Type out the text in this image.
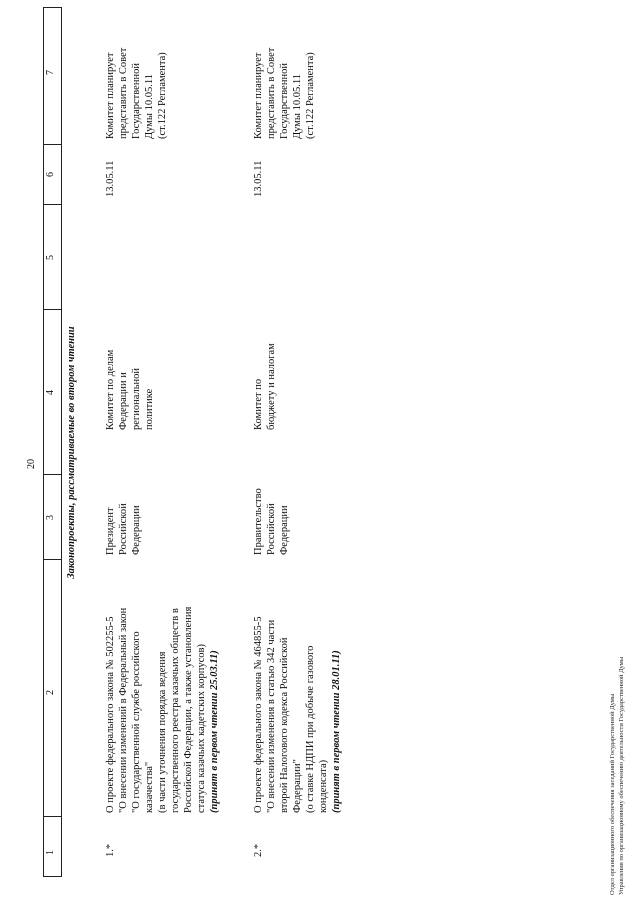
20
1
2
3
4
5
6
7
Законопроекты, рассматриваемые во втором чтении
1.*
О проекте федерального закона № 502255-5 "О внесении изменений в Федеральный закон "О государственной службе российского казачества" (в части уточнения порядка ведения государственного реестра казачьих обществ в Российской Федерации, а также установления статуса казачьих кадетских корпусов) (принят в первом чтении 25.03.11)
Президент Российской Федерации
Комитет по делам Федерации и региональной политике
13.05.11
Комитет планирует представить в Совет Государственной Думы 10.05.11 (ст.122 Регламента)
2.*
О проекте федерального закона № 464855-5 "О внесении изменения в статью 342 части второй Налогового кодекса Российской Федерации" (о ставке НДПИ при добыче газового конденсата) (принят в первом чтении 28.01.11)
Правительство Российской Федерации
Комитет по бюджету и налогам
13.05.11
Комитет планирует представить в Совет Государственной Думы 10.05.11 (ст.122 Регламента)
Отдел организационного обеспечения заседаний Государственной Думы Управления по организационному обеспечению деятельности Государственной Думы
